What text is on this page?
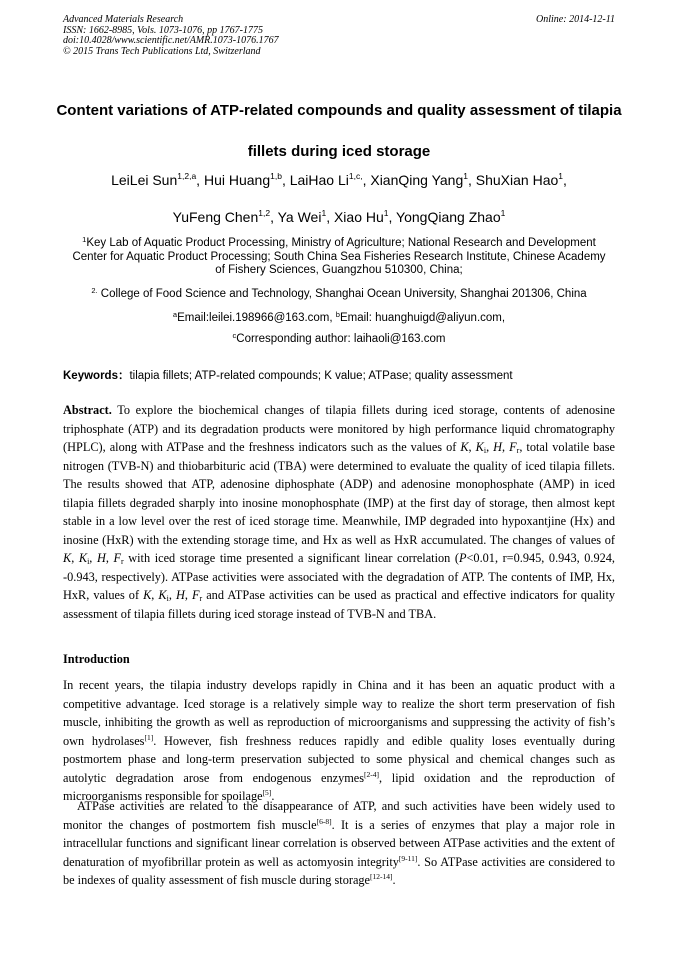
Advanced Materials Research
ISSN: 1662-8985, Vols. 1073-1076, pp 1767-1775
doi:10.4028/www.scientific.net/AMR.1073-1076.1767
© 2015 Trans Tech Publications Ltd, Switzerland
Online: 2014-12-11
Content variations of ATP-related compounds and quality assessment of tilapia fillets during iced storage

LeiLei Sun$^{1,2,a}$, Hui Huang$^{1,b}$, LaiHao $Li^{1,c,}$, XianQing Yang$^1$, ShuXian Hao$^1$,
YuFeng Chen$^{1,2}$, Ya Wei$^1$, Xiao Hu$^1$, YongQiang Zhao$^1$

$^1$Key Lab of Aquatic Product Processing, Ministry of Agriculture; National Research and Development Center for Aquatic Product Processing; South China Sea Fisheries Research Institute, Chinese Academy of Fishery Sciences, Guangzhou 510300, China;

$^{2.}$ College of Food Science and Technology, Shanghai Ocean University, Shanghai 201306, China

$^a$Email:leilei.198966@163.com, $^b$Email: huanghuigd@aliyun.com,
$^c$Corresponding author: laihaoli@163.com

Keywords：tilapia fillets; ATP-related compounds; K value; ATPase; quality assessment

Abstract. To explore the biochemical changes of tilapia fillets during iced storage, contents of adenosine triphosphate (ATP) and its degradation products were monitored by high performance liquid chromatography (HPLC), along with ATPase and the freshness indicators such as the values of K, $K_i$, H, $F_r$, total volatile base nitrogen (TVB-N) and thiobarbituric acid (TBA) were determined to evaluate the quality of iced tilapia fillets. The results showed that ATP, adenosine diphosphate (ADP) and adenosine monophosphate (AMP) in iced tilapia fillets degraded sharply into inosine monophosphate (IMP) at the first day of storage, then almost kept stable in a low level over the rest of iced storage time. Meanwhile, IMP degraded into hypoxantjine (Hx) and inosine (HxR) with the extending storage time, and Hx as well as HxR accumulated. The changes of values of K, $K_i$, H, $F_r$ with iced storage time presented a significant linear correlation (P<0.01, r=0.945, 0.943, 0.924, -0.943, respectively). ATPase activities were associated with the degradation of ATP. The contents of IMP, Hx, HxR, values of K, $K_i$, H, $F_r$ and ATPase activities can be used as practical and effective indicators for quality assessment of tilapia fillets during iced storage instead of TVB-N and TBA.

Introduction

In recent years, the tilapia industry develops rapidly in China and it has been an aquatic product with a competitive advantage. Iced storage is a relatively simple way to realize the short term preservation of fish muscle, inhibiting the growth as well as reproduction of microorganisms and suppressing the activity of fish’s own hydrolases[1]. However, fish freshness reduces rapidly and edible quality loses eventually during postmortem phase and long-term preservation subjected to some physical and chemical changes such as autolytic degradation arose from endogenous enzymes[2-4], lipid oxidation and the reproduction of microorganisms responsible for spoilage[5].

ATPase activities are related to the disappearance of ATP, and such activities have been widely used to monitor the changes of postmortem fish muscle[6-8]. It is a series of enzymes that play a major role in intracellular functions and significant linear correlation is observed between ATPase activities and the extent of denaturation of myofibrillar protein as well as actomyosin integrity[9-11]. So ATPase activities are considered to be indexes of quality assessment of fish muscle during storage[12-14].
